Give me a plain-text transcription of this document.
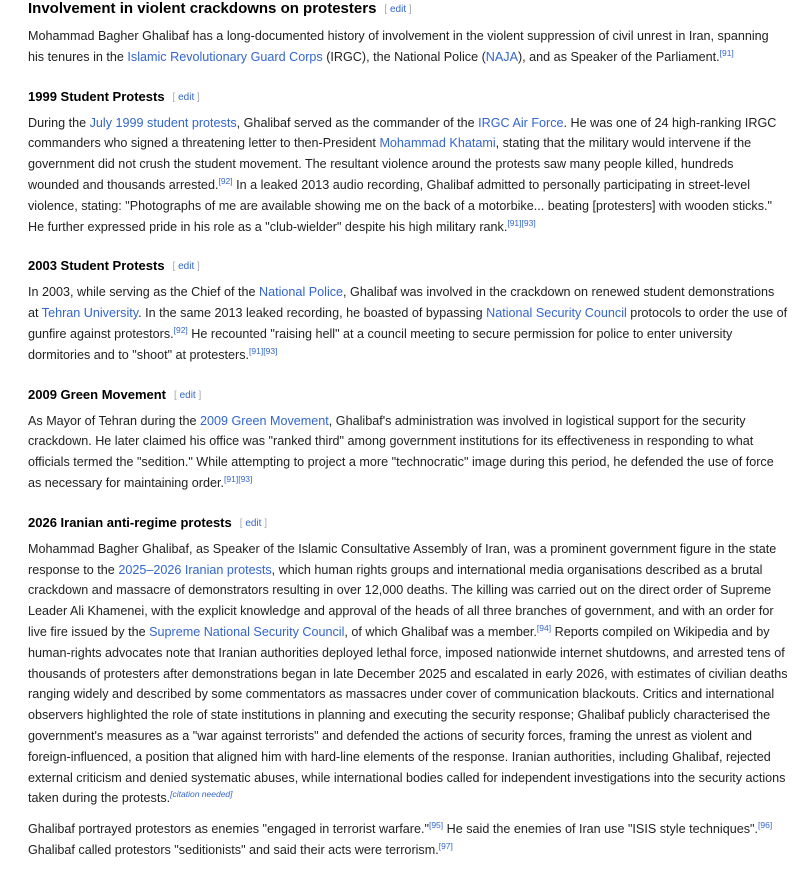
Involvement in violent crackdowns on protesters [ edit ]

Mohammad Bagher Ghalibaf has a long-documented history of involvement in the violent suppression of civil unrest in Iran, spanning his tenures in the Islamic Revolutionary Guard Corps (IRGC), the National Police (NAJA), and as Speaker of the Parliament.[91]

1999 Student Protests [ edit ]

During the July 1999 student protests, Ghalibaf served as the commander of the IRGC Air Force. He was one of 24 high-ranking IRGC commanders who signed a threatening letter to then-President Mohammad Khatami, stating that the military would intervene if the government did not crush the student movement. The resultant violence around the protests saw many people killed, hundreds wounded and thousands arrested.[92] In a leaked 2013 audio recording, Ghalibaf admitted to personally participating in street-level violence, stating: "Photographs of me are available showing me on the back of a motorbike... beating [protesters] with wooden sticks." He further expressed pride in his role as a "club-wielder" despite his high military rank.[91][93]

2003 Student Protests [ edit ]

In 2003, while serving as the Chief of the National Police, Ghalibaf was involved in the crackdown on renewed student demonstrations at Tehran University. In the same 2013 leaked recording, he boasted of bypassing National Security Council protocols to order the use of gunfire against protestors.[92] He recounted "raising hell" at a council meeting to secure permission for police to enter university dormitories and to "shoot" at protesters.[91][93]

2009 Green Movement [ edit ]

As Mayor of Tehran during the 2009 Green Movement, Ghalibaf's administration was involved in logistical support for the security crackdown. He later claimed his office was "ranked third" among government institutions for its effectiveness in responding to what officials termed the "sedition." While attempting to project a more "technocratic" image during this period, he defended the use of force as necessary for maintaining order.[91][93]

2026 Iranian anti-regime protests [ edit ]

Mohammad Bagher Ghalibaf, as Speaker of the Islamic Consultative Assembly of Iran, was a prominent government figure in the state response to the 2025–2026 Iranian protests, which human rights groups and international media organisations described as a brutal crackdown and massacre of demonstrators resulting in over 12,000 deaths. The killing was carried out on the direct order of Supreme Leader Ali Khamenei, with the explicit knowledge and approval of the heads of all three branches of government, and with an order for live fire issued by the Supreme National Security Council, of which Ghalibaf was a member.[94] Reports compiled on Wikipedia and by human-rights advocates note that Iranian authorities deployed lethal force, imposed nationwide internet shutdowns, and arrested tens of thousands of protesters after demonstrations began in late December 2025 and escalated in early 2026, with estimates of civilian deaths ranging widely and described by some commentators as massacres under cover of communication blackouts. Critics and international observers highlighted the role of state institutions in planning and executing the security response; Ghalibaf publicly characterised the government's measures as a "war against terrorists" and defended the actions of security forces, framing the unrest as violent and foreign-influenced, a position that aligned him with hard-line elements of the response. Iranian authorities, including Ghalibaf, rejected external criticism and denied systematic abuses, while international bodies called for independent investigations into the security actions taken during the protests.[citation needed]

Ghalibaf portrayed protestors as enemies "engaged in terrorist warfare."[95] He said the enemies of Iran use "ISIS style techniques".[96] Ghalibaf called protestors "seditionists" and said their acts were terrorism.[97]
